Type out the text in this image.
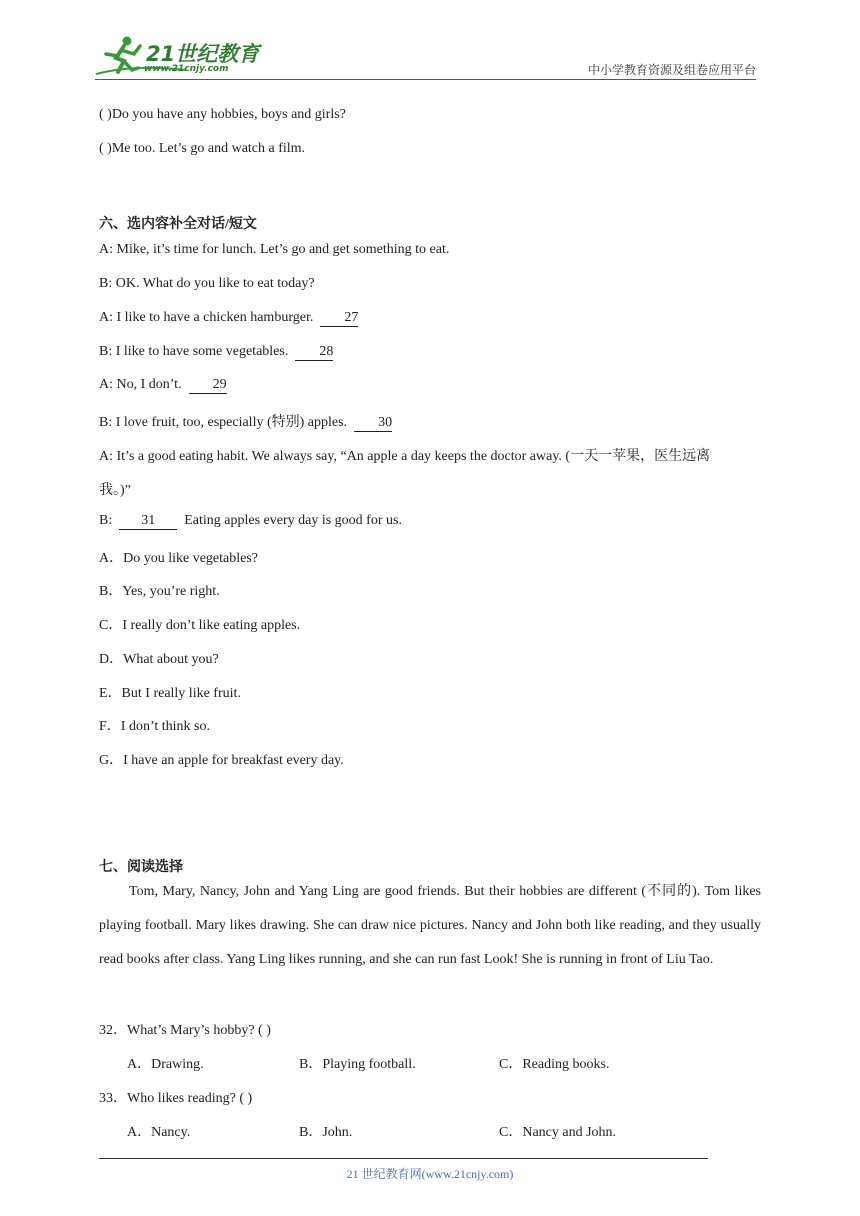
21世纪教育
www.21cnjy.com	中小学教育资源及组卷应用平台
( )Do you have any hobbies, boys and girls?
( )Me too. Let’s go and watch a film.
六、选内容补全对话/短文
A: Mike, it’s time for lunch. Let’s go and get something to eat.
B: OK. What do you like to eat today?
A: I like to have a chicken hamburger. 27
B: I like to have some vegetables. 28
A: No, I don’t. 29
B: I love fruit, too, especially (特别) apples. 30
A: It’s a good eating habit. We always say, “An apple a day keeps the doctor away. (一天一苹果，医生远离
我。)”
B: 31 Eating apples every day is good for us.
A．Do you like vegetables?
B．Yes, you’re right.
C．I really don’t like eating apples.
D．What about you?
E．But I really like fruit.
F．I don’t think so.
G．I have an apple for breakfast every day.
七、阅读选择

Tom, Mary, Nancy, John and Yang Ling are good friends. But their hobbies are different (不同的). Tom likes playing football. Mary likes drawing. She can draw nice pictures. Nancy and John both like reading, and they usually read books after class. Yang Ling likes running, and she can run fast Look! She is running in front of Liu Tao.

32．What’s Mary’s hobby? ( )
A．Drawing.	B．Playing football.	C．Reading books.
33．Who likes reading? ( )
A．Nancy.	B．John.	C．Nancy and John.
21 世纪教育网(www.21cnjy.com)
